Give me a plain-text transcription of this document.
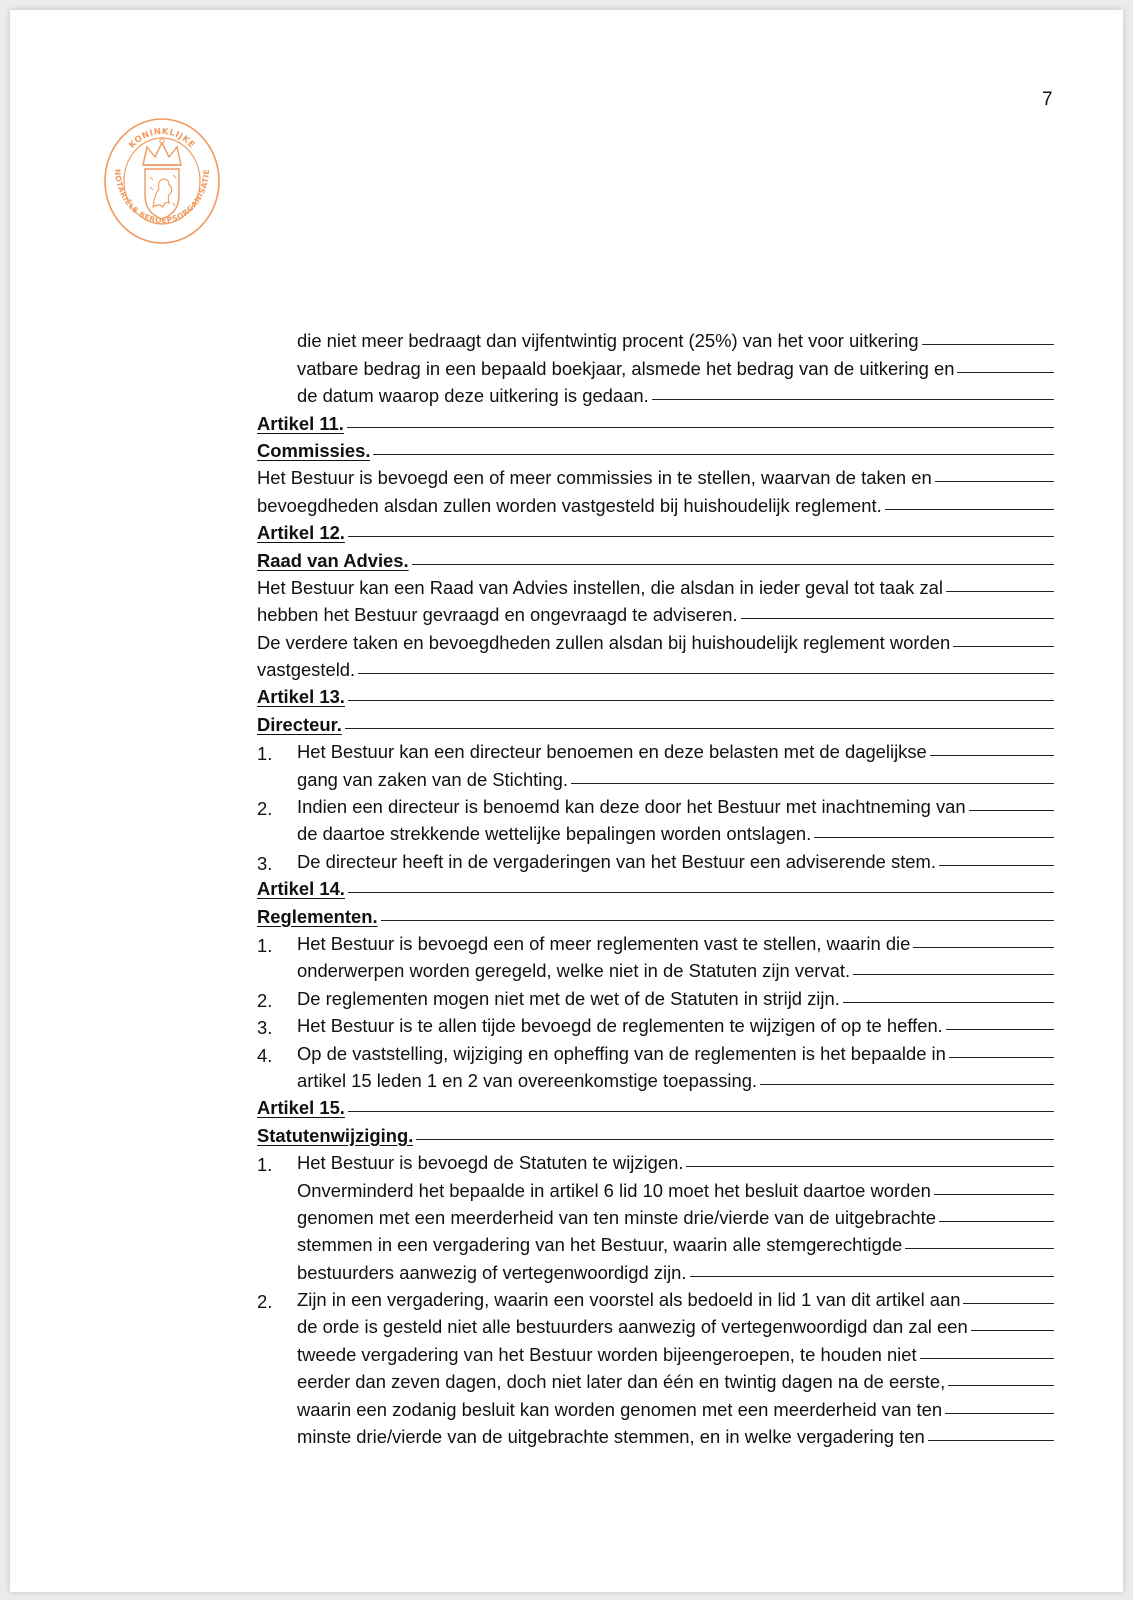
7
KONINKLIJKE
NOTARIËLE BEROEPSORGANISATIE
die niet meer bedraagt dan vijfentwintig procent (25%) van het voor uitkering
vatbare bedrag in een bepaald boekjaar, alsmede het bedrag van de uitkering en
de datum waarop deze uitkering is gedaan.
Artikel 11.
Commissies.
Het Bestuur is bevoegd een of meer commissies in te stellen, waarvan de taken en
bevoegdheden alsdan zullen worden vastgesteld bij huishoudelijk reglement.
Artikel 12.
Raad van Advies.
Het Bestuur kan een Raad van Advies instellen, die alsdan in ieder geval tot taak zal
hebben het Bestuur gevraagd en ongevraagd te adviseren.
De verdere taken en bevoegdheden zullen alsdan bij huishoudelijk reglement worden
vastgesteld.
Artikel 13.
Directeur.
1.	Het Bestuur kan een directeur benoemen en deze belasten met de dagelijkse
gang van zaken van de Stichting.
2.	Indien een directeur is benoemd kan deze door het Bestuur met inachtneming van
de daartoe strekkende wettelijke bepalingen worden ontslagen.
3.	De directeur heeft in de vergaderingen van het Bestuur een adviserende stem.
Artikel 14.
Reglementen.
1.	Het Bestuur is bevoegd een of meer reglementen vast te stellen, waarin die
onderwerpen worden geregeld, welke niet in de Statuten zijn vervat.
2.	De reglementen mogen niet met de wet of de Statuten in strijd zijn.
3.	Het Bestuur is te allen tijde bevoegd de reglementen te wijzigen of op te heffen.
4.	Op de vaststelling, wijziging en opheffing van de reglementen is het bepaalde in
artikel 15 leden 1 en 2 van overeenkomstige toepassing.
Artikel 15.
Statutenwijziging.
1.	Het Bestuur is bevoegd de Statuten te wijzigen.
Onverminderd het bepaalde in artikel 6 lid 10 moet het besluit daartoe worden
genomen met een meerderheid van ten minste drie/vierde van de uitgebrachte
stemmen in een vergadering van het Bestuur, waarin alle stemgerechtigde
bestuurders aanwezig of vertegenwoordigd zijn.
2.	Zijn in een vergadering, waarin een voorstel als bedoeld in lid 1 van dit artikel aan
de orde is gesteld niet alle bestuurders aanwezig of vertegenwoordigd dan zal een
tweede vergadering van het Bestuur worden bijeengeroepen, te houden niet
eerder dan zeven dagen, doch niet later dan één en twintig dagen na de eerste,
waarin een zodanig besluit kan worden genomen met een meerderheid van ten
minste drie/vierde van de uitgebrachte stemmen, en in welke vergadering ten
